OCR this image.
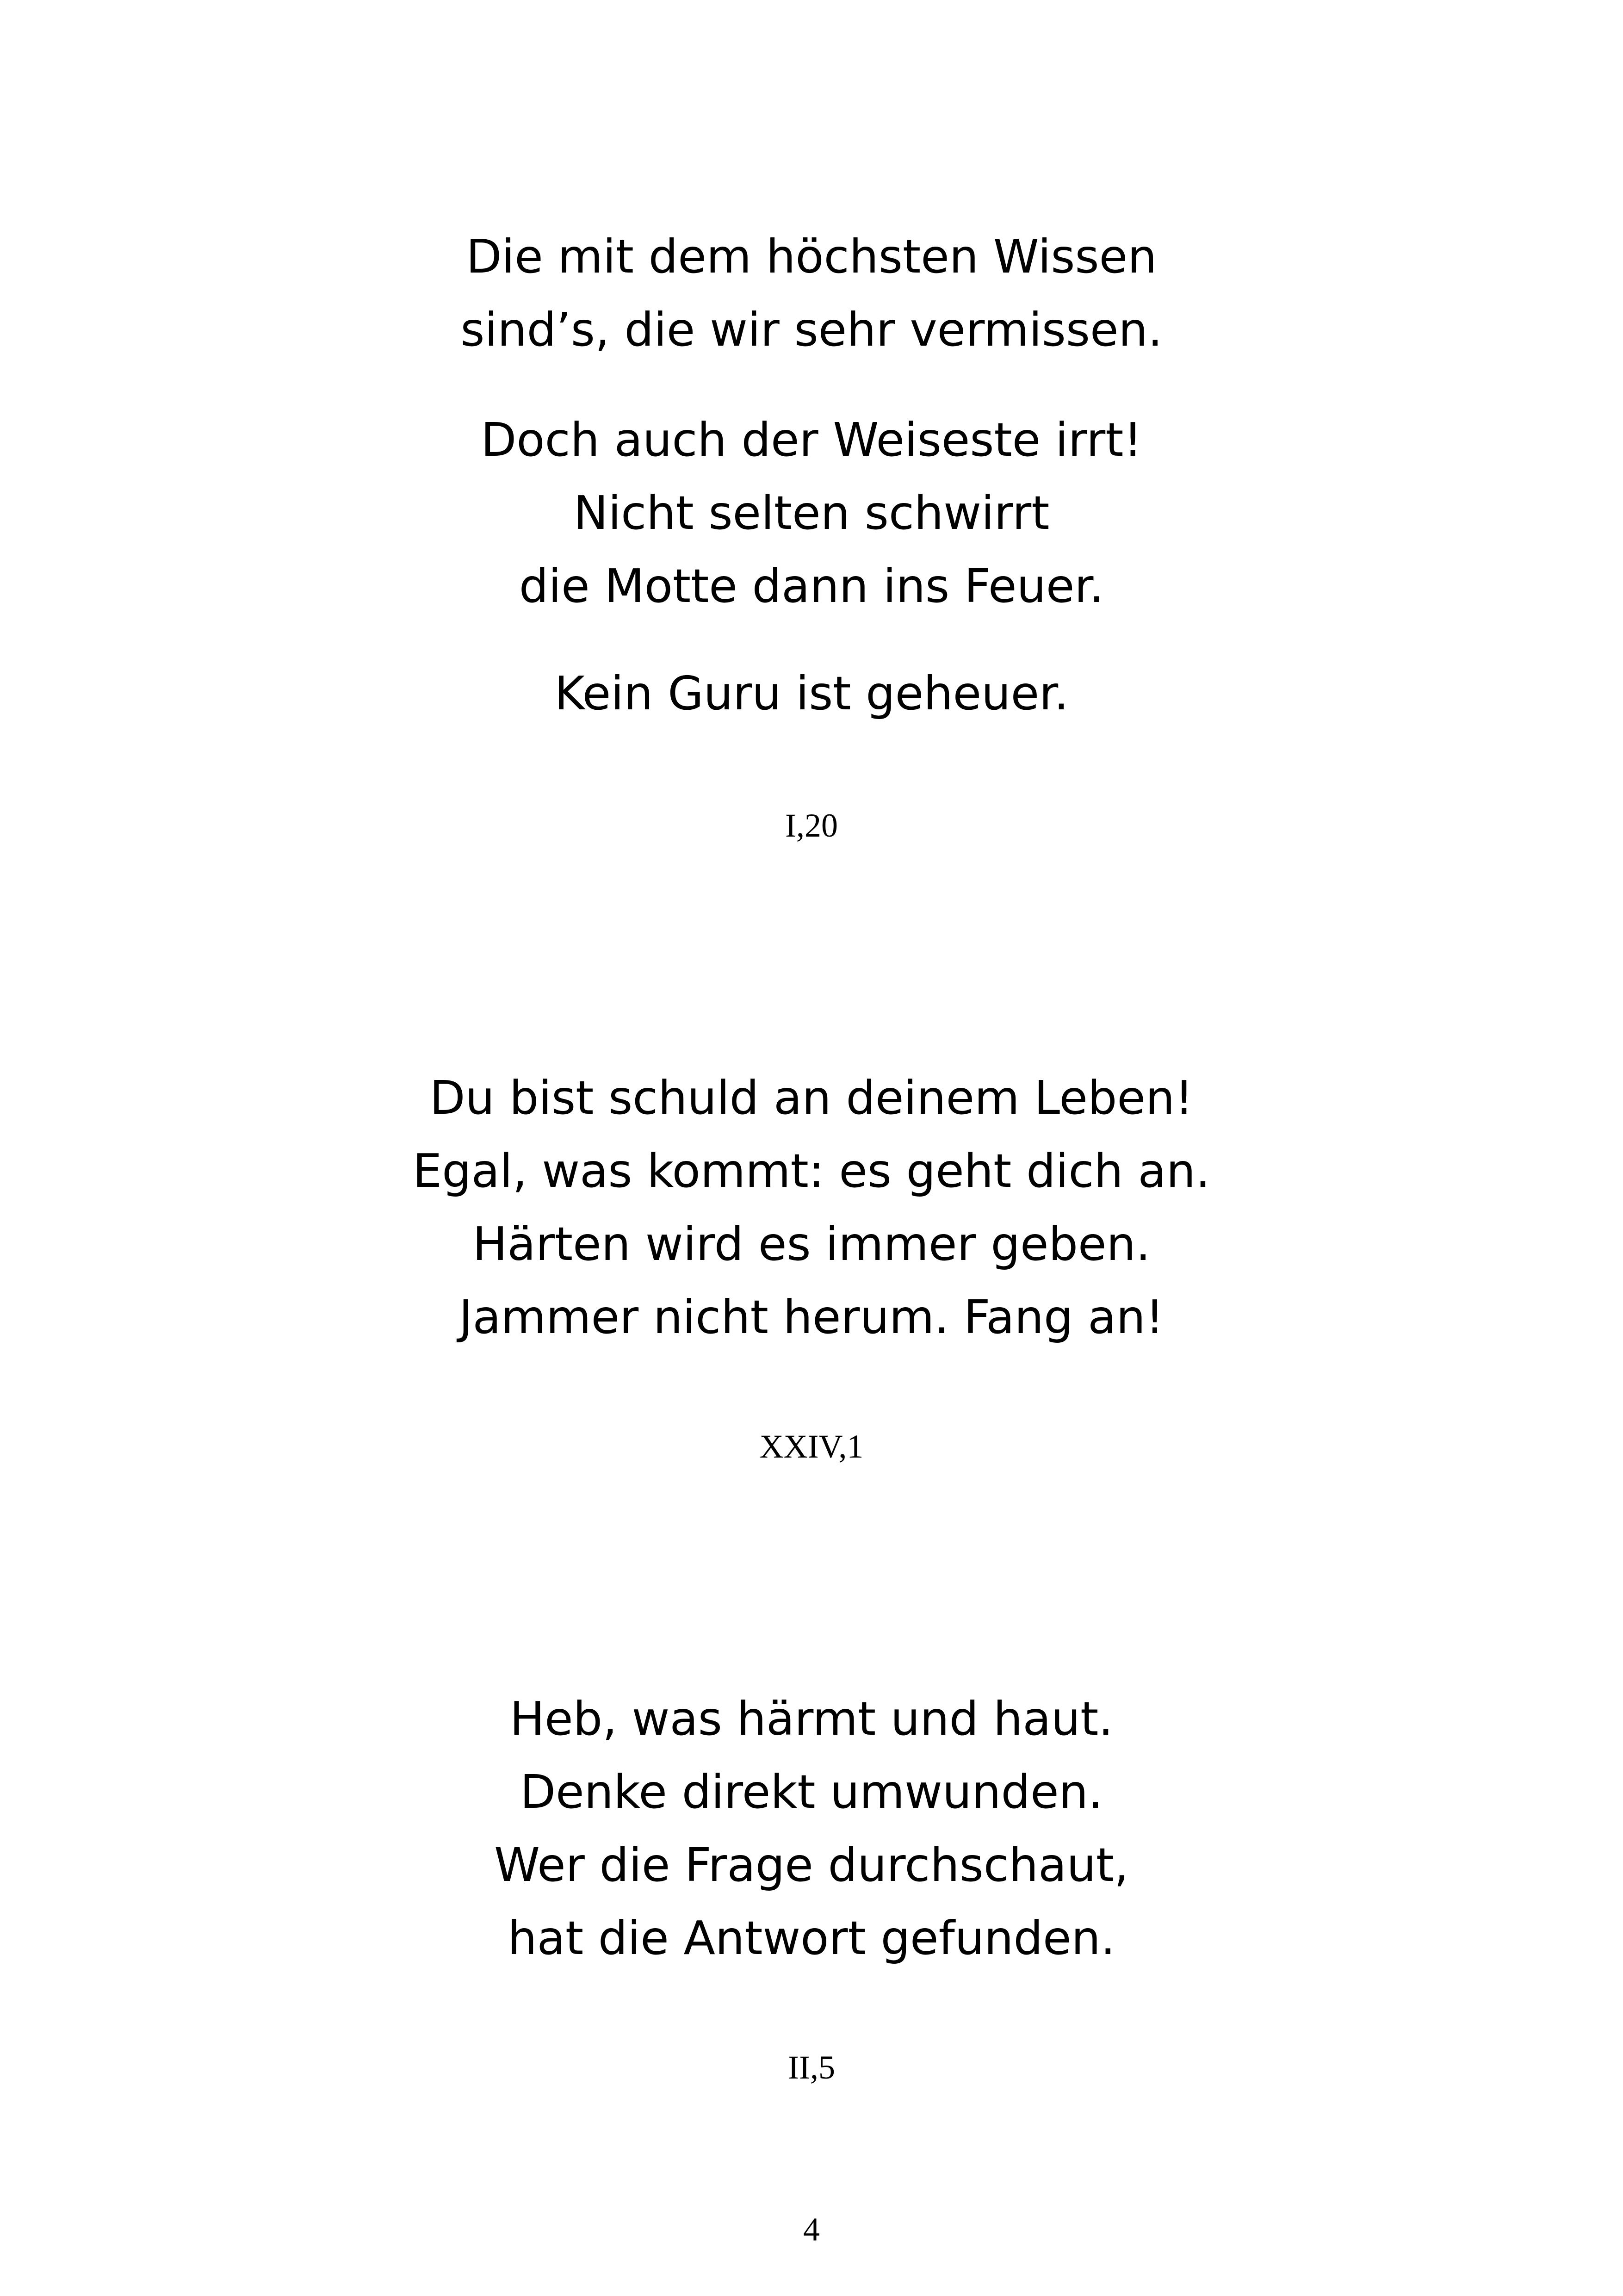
Die mit dem höchsten Wissen
sind’s, die wir sehr vermissen.
Doch auch der Weiseste irrt!
Nicht selten schwirrt
die Motte dann ins Feuer.
Kein Guru ist geheuer.
I,20
Du bist schuld an deinem Leben!
Egal, was kommt: es geht dich an.
Härten wird es immer geben.
Jammer nicht herum. Fang an!
XXIV,1
Heb, was härmt und haut.
Denke direkt umwunden.
Wer die Frage durchschaut,
hat die Antwort gefunden.
II,5
4
